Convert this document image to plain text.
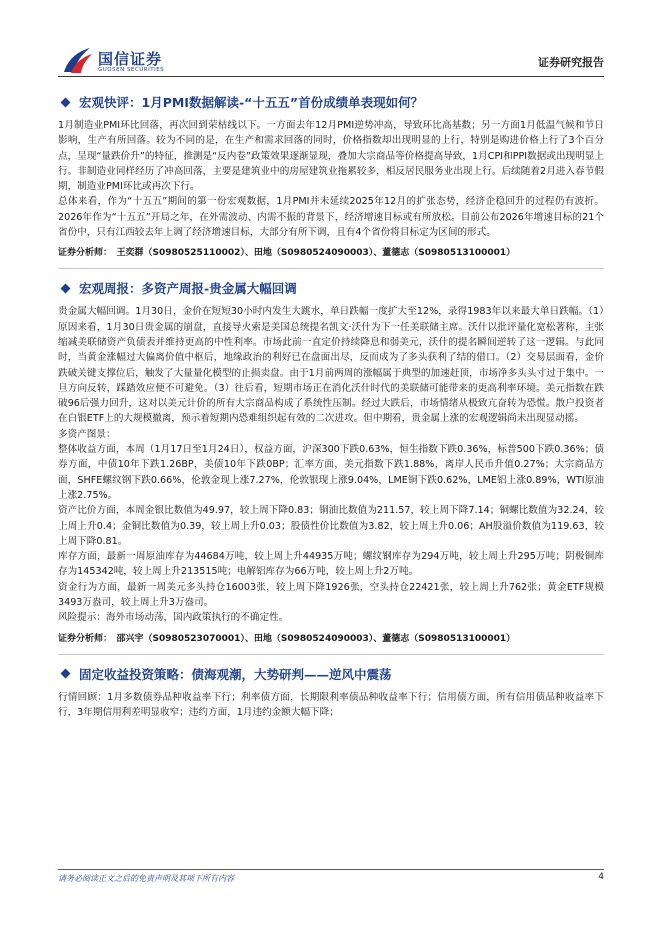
国信证券
GUOSEN SECURITIES
证券研究报告
宏观快评：1月PMI数据解读-“十五五”首份成绩单表现如何？

1月制造业PMI环比回落，再次回到荣枯线以下。一方面去年12月PMI逆势冲高，导致环比高基数；另一方面1月低温气候和节日影响，生产有所回落。较为不同的是，在生产和需求回落的同时，价格指数却出现明显的上行，特别是购进价格上行了3个百分点，呈现“量跌价升”的特征，推测是“反内卷”政策效果逐渐显现，叠加大宗商品等价格提高导致，1月CPI和PPI数据或出现明显上行。非制造业同样经历了冲高回落，主要是建筑业中的房屋建筑业拖累较多，相反居民服务业出现上行。后续随着2月进入春节假期，制造业PMI环比或再次下行。

总体来看，作为“十五五”期间的第一份宏观数据，1月PMI并未延续2025年12月的扩张态势，经济企稳回升的过程仍有波折。2026年作为“十五五”开局之年，在外需波动、内需不振的背景下，经济增速目标或有所放松。目前公布2026年增速目标的21个省份中，只有江西较去年上调了经济增速目标，大部分有所下调，且有4个省份将目标定为区间的形式。

证券分析师：　王奕群（S0980525110002）、田地（S0980524090003）、董德志（S0980513100001）

宏观周报：多资产周报-贵金属大幅回调

贵金属大幅回调。1月30日，金价在短短30小时内发生大跳水，单日跌幅一度扩大至12%，录得1983年以来最大单日跌幅。（1）原因来看，1月30日贵金属的崩盘，直接导火索是美国总统提名凯文·沃什为下一任美联储主席。沃什以批评量化宽松著称，主张缩减美联储资产负债表并维持更高的中性利率。市场此前一直定价持续降息和弱美元，沃什的提名瞬间逆转了这一逻辑。与此同时，当黄金涨幅过大偏离价值中枢后，地缘政治的利好已在盘面出尽，反而成为了多头获利了结的借口。（2）交易层面看，金价跌破关键支撑位后，触发了大量量化模型的止损卖盘。由于1月前两周的涨幅属于典型的加速赶顶，市场净多头头寸过于集中。一旦方向反转，踩踏效应便不可避免。（3）往后看，短期市场正在消化沃什时代的美联储可能带来的更高利率环境。美元指数在跌破96后强力回升，这对以美元计价的所有大宗商品构成了系统性压制。经过大跌后，市场情绪从极致亢奋转为恐慌。散户投资者在白银ETF上的大规模撤离，预示着短期内恐难组织起有效的二次进攻。但中期看，贵金属上涨的宏观逻辑尚未出现显动摇。

多资产图景：

整体收益方面，本周（1月17日至1月24日），权益方面，沪深300下跌0.63%，恒生指数下跌0.36%，标普500下跌0.36%；债券方面，中债10年下跌1.26BP，美债10年下跌0BP；汇率方面，美元指数下跌1.88%，离岸人民币升值0.27%；大宗商品方面，SHFE螺纹钢下跌0.66%，伦敦金现上涨7.27%，伦敦银现上涨9.04%，LME铜下跌0.62%，LME铝上涨0.89%，WTI原油上涨2.75%。

资产比价方面，本周金银比数值为49.97，较上周下降0.83；铜油比数值为211.57，较上周下降7.14；铜螺比数值为32.24，较上周上升0.4；金铜比数值为0.39，较上周上升0.03；股债性价比数值为3.82，较上周上升0.06；AH股溢价数值为119.63，较上周下降0.81。

库存方面，最新一周原油库存为44684万吨，较上周上升44935万吨；螺纹钢库存为294万吨，较上周上升295万吨；阴极铜库存为145342吨，较上周上升213515吨；电解铝库存为66万吨，较上周上升2万吨。

资金行为方面，最新一周美元多头持仓16003张，较上周下降1926张，空头持仓22421张，较上周上升762张；黄金ETF规模3493万盎司，较上周上升3万盎司。

风险提示：海外市场动荡，国内政策执行的不确定性。

证券分析师：　邵兴宇（S0980523070001）、田地（S0980524090003）、董德志（S0980513100001）

固定收益投资策略：债海观潮，大势研判——逆风中震荡

行情回顾：1月多数债券品种收益率下行；利率债方面，长期限利率债品种收益率下行；信用债方面，所有信用债品种收益率下行，3年期信用利差明显收窄；违约方面，1月违约金额大幅下降；

请务必阅读正文之后的免责声明及其项下所有内容	4
